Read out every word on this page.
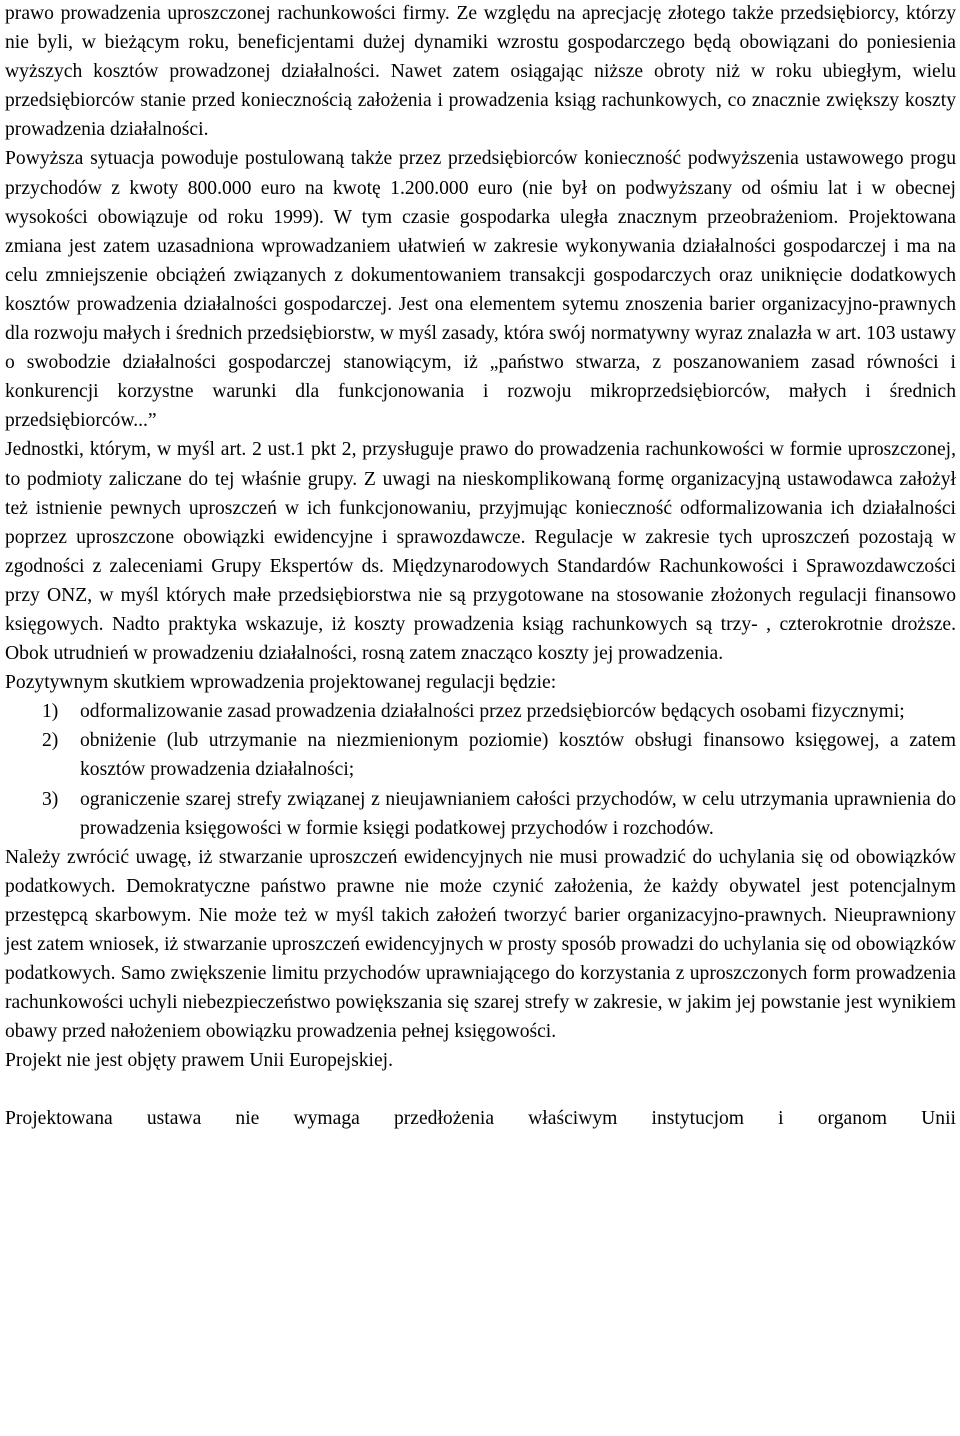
prawo prowadzenia uproszczonej rachunkowości firmy. Ze względu na aprecjację złotego także przedsiębiorcy, którzy nie byli, w bieżącym roku, beneficjentami dużej dynamiki wzrostu gospodarczego będą obowiązani do poniesienia wyższych kosztów prowadzonej działalności. Nawet zatem osiągając niższe obroty niż w roku ubiegłym, wielu przedsiębiorców stanie przed koniecznością założenia i prowadzenia ksiąg rachunkowych, co znacznie zwiększy koszty prowadzenia działalności.

Powyższa sytuacja powoduje postulowaną także przez przedsiębiorców konieczność podwyższenia ustawowego progu przychodów z kwoty 800.000 euro na kwotę 1.200.000 euro (nie był on podwyższany od ośmiu lat i w obecnej wysokości obowiązuje od roku 1999). W tym czasie gospodarka uległa znacznym przeobrażeniom. Projektowana zmiana jest zatem uzasadniona wprowadzaniem ułatwień w zakresie wykonywania działalności gospodarczej i ma na celu zmniejszenie obciążeń związanych z dokumentowaniem transakcji gospodarczych oraz uniknięcie dodatkowych kosztów prowadzenia działalności gospodarczej. Jest ona elementem sytemu znoszenia barier organizacyjno-prawnych dla rozwoju małych i średnich przedsiębiorstw, w myśl zasady, która swój normatywny wyraz znalazła w art. 103 ustawy o swobodzie działalności gospodarczej stanowiącym, iż „państwo stwarza, z poszanowaniem zasad równości i konkurencji korzystne warunki dla funkcjonowania i rozwoju mikroprzedsiębiorców, małych i średnich przedsiębiorców...”

Jednostki, którym, w myśl art. 2 ust.1 pkt 2, przysługuje prawo do prowadzenia rachunkowości w formie uproszczonej, to podmioty zaliczane do tej właśnie grupy. Z uwagi na nieskomplikowaną formę organizacyjną ustawodawca założył też istnienie pewnych uproszczeń w ich funkcjonowaniu, przyjmując konieczność odformalizowania ich działalności poprzez uproszczone obowiązki ewidencyjne i sprawozdawcze. Regulacje w zakresie tych uproszczeń pozostają w zgodności z zaleceniami Grupy Ekspertów ds. Międzynarodowych Standardów Rachunkowości i Sprawozdawczości przy ONZ, w myśl których małe przedsiębiorstwa nie są przygotowane na stosowanie złożonych regulacji finansowo księgowych. Nadto praktyka wskazuje, iż koszty prowadzenia ksiąg rachunkowych są trzy- , czterokrotnie droższe. Obok utrudnień w prowadzeniu działalności, rosną zatem znacząco koszty jej prowadzenia.

Pozytywnym skutkiem wprowadzenia projektowanej regulacji będzie:

1) odformalizowanie zasad prowadzenia działalności przez przedsiębiorców będących osobami fizycznymi;
2) obniżenie (lub utrzymanie na niezmienionym poziomie) kosztów obsługi finansowo księgowej, a zatem kosztów prowadzenia działalności;
3) ograniczenie szarej strefy związanej z nieujawnianiem całości przychodów, w celu utrzymania uprawnienia do prowadzenia księgowości w formie księgi podatkowej przychodów i rozchodów.

Należy zwrócić uwagę, iż stwarzanie uproszczeń ewidencyjnych nie musi prowadzić do uchylania się od obowiązków podatkowych. Demokratyczne państwo prawne nie może czynić założenia, że każdy obywatel jest potencjalnym przestępcą skarbowym. Nie może też w myśl takich założeń tworzyć barier organizacyjno-prawnych. Nieuprawniony jest zatem wniosek, iż stwarzanie uproszczeń ewidencyjnych w prosty sposób prowadzi do uchylania się od obowiązków podatkowych. Samo zwiększenie limitu przychodów uprawniającego do korzystania z uproszczonych form prowadzenia rachunkowości uchyli niebezpieczeństwo powiększania się szarej strefy w zakresie, w jakim jej powstanie jest wynikiem obawy przed nałożeniem obowiązku prowadzenia pełnej księgowości.

Projekt nie jest objęty prawem Unii Europejskiej.

Projektowana ustawa nie wymaga przedłożenia właściwym instytucjom i organom Unii
